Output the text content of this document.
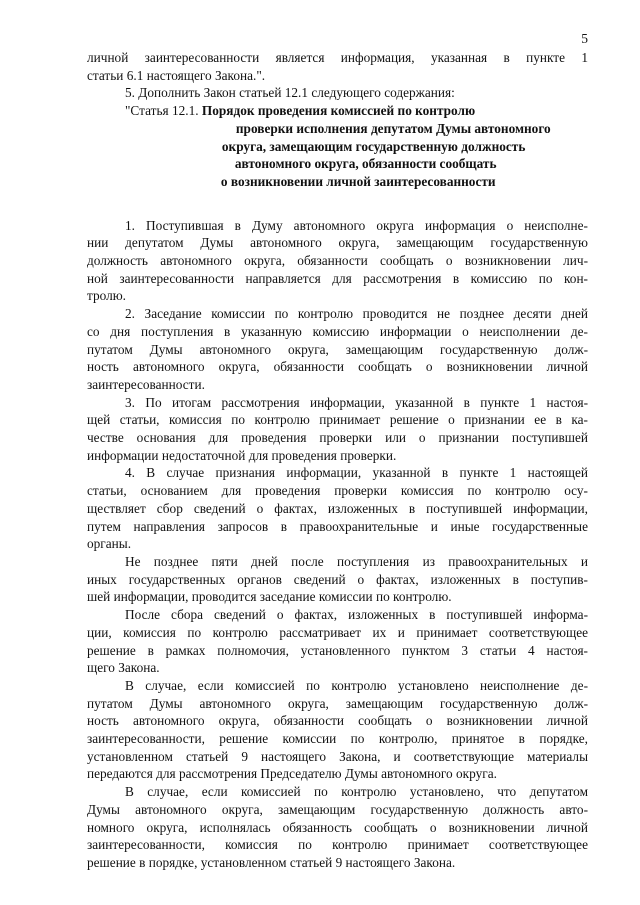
5
личной заинтересованности является информация, указанная в пункте 1
статьи 6.1 настоящего Закона.".
5. Дополнить Закон статьей 12.1 следующего содержания:
"Статья 12.1. Порядок проведения комиссией по контролю
проверки исполнения депутатом Думы автономного
округа, замещающим государственную должность
автономного округа, обязанности сообщать
о возникновении личной заинтересованности
1. Поступившая в Думу автономного округа информация о неисполне-
нии депутатом Думы автономного округа, замещающим государственную
должность автономного округа, обязанности сообщать о возникновении лич-
ной заинтересованности направляется для рассмотрения в комиссию по кон-
тролю.
2. Заседание комиссии по контролю проводится не позднее десяти дней
со дня поступления в указанную комиссию информации о неисполнении де-
путатом Думы автономного округа, замещающим государственную долж-
ность автономного округа, обязанности сообщать о возникновении личной
заинтересованности.
3. По итогам рассмотрения информации, указанной в пункте 1 настоя-
щей статьи, комиссия по контролю принимает решение о признании ее в ка-
честве основания для проведения проверки или о признании поступившей
информации недостаточной для проведения проверки.
4. В случае признания информации, указанной в пункте 1 настоящей
статьи, основанием для проведения проверки комиссия по контролю осу-
ществляет сбор сведений о фактах, изложенных в поступившей информации,
путем направления запросов в правоохранительные и иные государственные
органы.
Не позднее пяти дней после поступления из правоохранительных и
иных государственных органов сведений о фактах, изложенных в поступив-
шей информации, проводится заседание комиссии по контролю.
После сбора сведений о фактах, изложенных в поступившей информа-
ции, комиссия по контролю рассматривает их и принимает соответствующее
решение в рамках полномочия, установленного пунктом 3 статьи 4 настоя-
щего Закона.
В случае, если комиссией по контролю установлено неисполнение де-
путатом Думы автономного округа, замещающим государственную долж-
ность автономного округа, обязанности сообщать о возникновении личной
заинтересованности, решение комиссии по контролю, принятое в порядке,
установленном статьей 9 настоящего Закона, и соответствующие материалы
передаются для рассмотрения Председателю Думы автономного округа.
В случае, если комиссией по контролю установлено, что депутатом
Думы автономного округа, замещающим государственную должность авто-
номного округа, исполнялась обязанность сообщать о возникновении личной
заинтересованности, комиссия по контролю принимает соответствующее
решение в порядке, установленном статьей 9 настоящего Закона.
